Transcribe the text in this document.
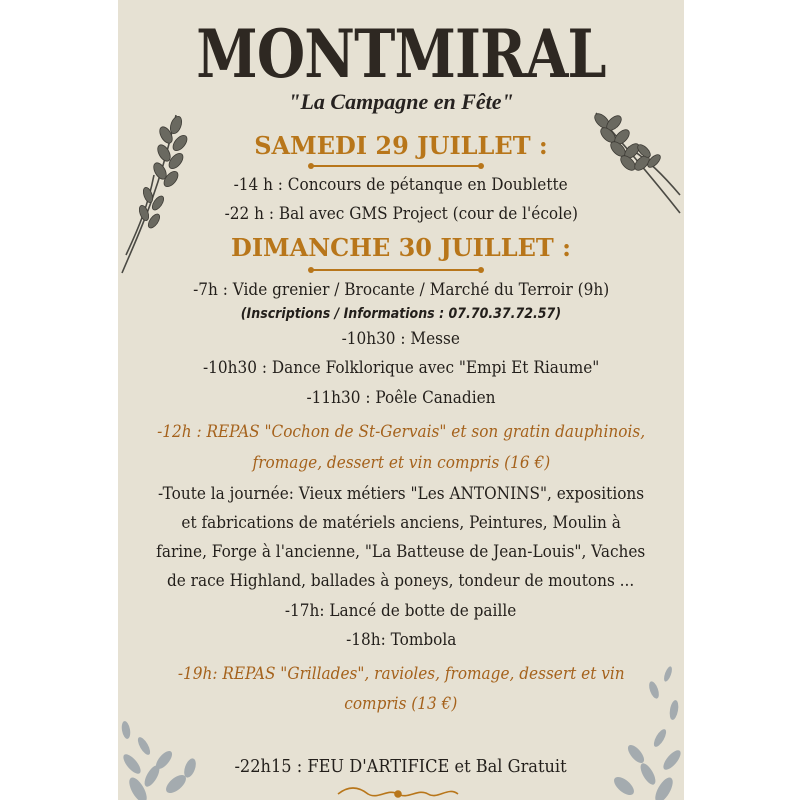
MONTMIRAL
"La Campagne en Fête"
SAMEDI 29 JUILLET :
-14 h : Concours de pétanque en Doublette
-22 h : Bal avec GMS Project (cour de l'école)
DIMANCHE 30 JUILLET :
-7h : Vide grenier / Brocante / Marché du Terroir (9h)
(Inscriptions / Informations : 07.70.37.72.57)
-10h30 : Messe
-10h30 : Dance Folklorique avec "Empi Et Riaume"
-11h30 : Poêle Canadien
-12h : REPAS "Cochon de St-Gervais" et son gratin dauphinois,
fromage, dessert et vin compris (16 €)
-Toute la journée: Vieux métiers "Les ANTONINS", expositions
et fabrications de matériels anciens, Peintures, Moulin à
farine, Forge à l'ancienne, "La Batteuse de Jean-Louis", Vaches
de race Highland, ballades à poneys, tondeur de moutons ...
-17h: Lancé de botte de paille
-18h: Tombola
-19h: REPAS "Grillades", ravioles, fromage, dessert et vin
compris (13 €)
-22h15 : FEU D'ARTIFICE et Bal Gratuit
